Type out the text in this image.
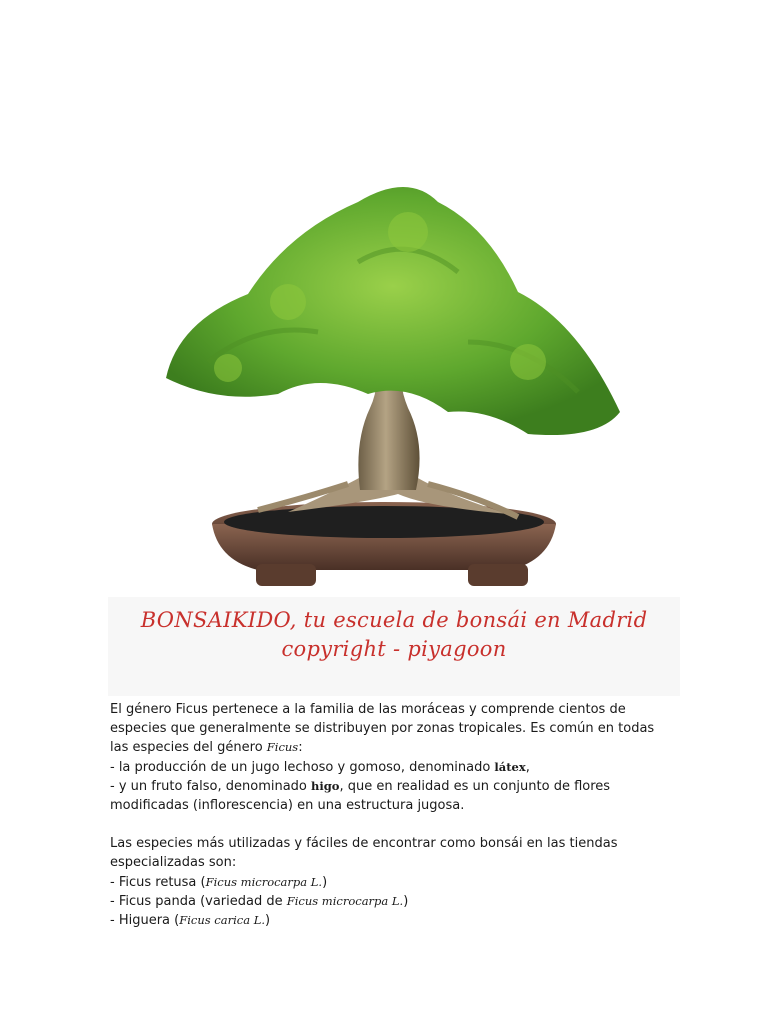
BONSAIKIDO, tu escuela de bonsái en Madrid
copyright - piyagoon

El género Ficus pertenece a la familia de las moráceas y comprende cientos de

especies que generalmente se distribuyen por zonas tropicales. Es común en todas

las especies del género Ficus:

- la producción de un jugo lechoso y gomoso, denominado látex,

- y un fruto falso, denominado higo, que en realidad es un conjunto de flores

modificadas (inflorescencia) en una estructura jugosa.

Las especies más utilizadas y fáciles de encontrar como bonsái en las tiendas

especializadas son:

- Ficus retusa (Ficus microcarpa L.)

- Ficus panda (variedad de Ficus microcarpa L.)

- Higuera (Ficus carica L.)
